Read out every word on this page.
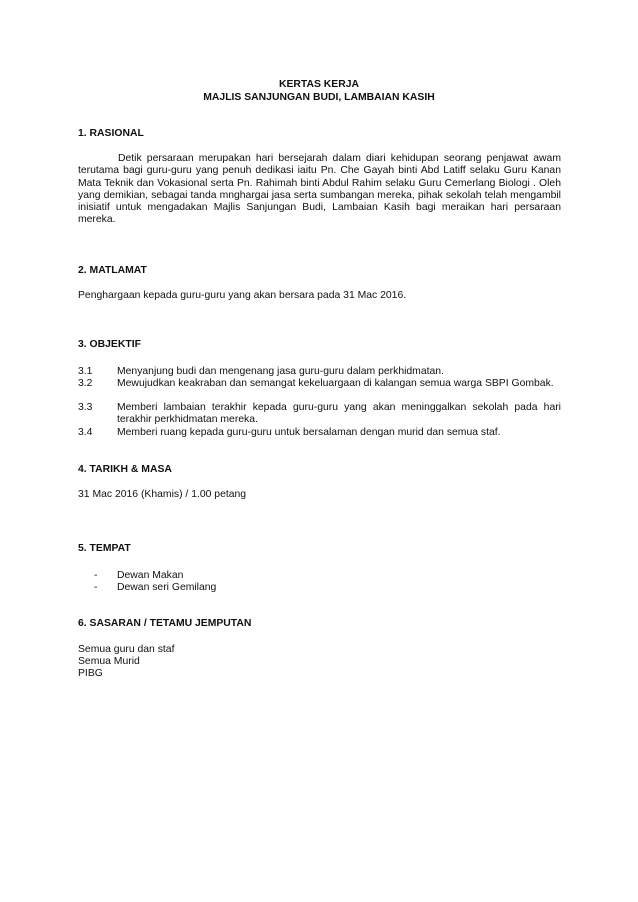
KERTAS KERJA
MAJLIS SANJUNGAN BUDI, LAMBAIAN KASIH
1. RASIONAL
Detik persaraan merupakan hari bersejarah dalam diari kehidupan seorang penjawat awam terutama bagi guru-guru yang penuh dedikasi iaitu Pn. Che Gayah binti Abd Latiff selaku Guru Kanan Mata Teknik dan Vokasional serta Pn. Rahimah binti Abdul Rahim selaku Guru Cemerlang Biologi . Oleh yang demikian, sebagai tanda mnghargai jasa serta sumbangan mereka, pihak sekolah telah mengambil inisiatif untuk mengadakan Majlis Sanjungan Budi, Lambaian Kasih bagi meraikan hari persaraan mereka.
2. MATLAMAT
Penghargaan kepada guru-guru yang akan bersara pada 31 Mac 2016.
3. OBJEKTIF
3.1	Menyanjung budi dan mengenang jasa guru-guru dalam perkhidmatan.
3.2	Mewujudkan keakraban dan semangat kekeluargaan di kalangan semua warga SBPI Gombak.
3.3	Memberi lambaian terakhir kepada guru-guru yang akan meninggalkan sekolah pada hari terakhir perkhidmatan mereka.
3.4	Memberi ruang kepada guru-guru untuk bersalaman dengan murid dan semua staf.
4. TARIKH & MASA
31 Mac 2016 (Khamis) / 1.00 petang
5. TEMPAT
-	Dewan Makan
-	Dewan seri Gemilang
6. SASARAN / TETAMU JEMPUTAN
Semua guru dan staf
Semua Murid
PIBG
